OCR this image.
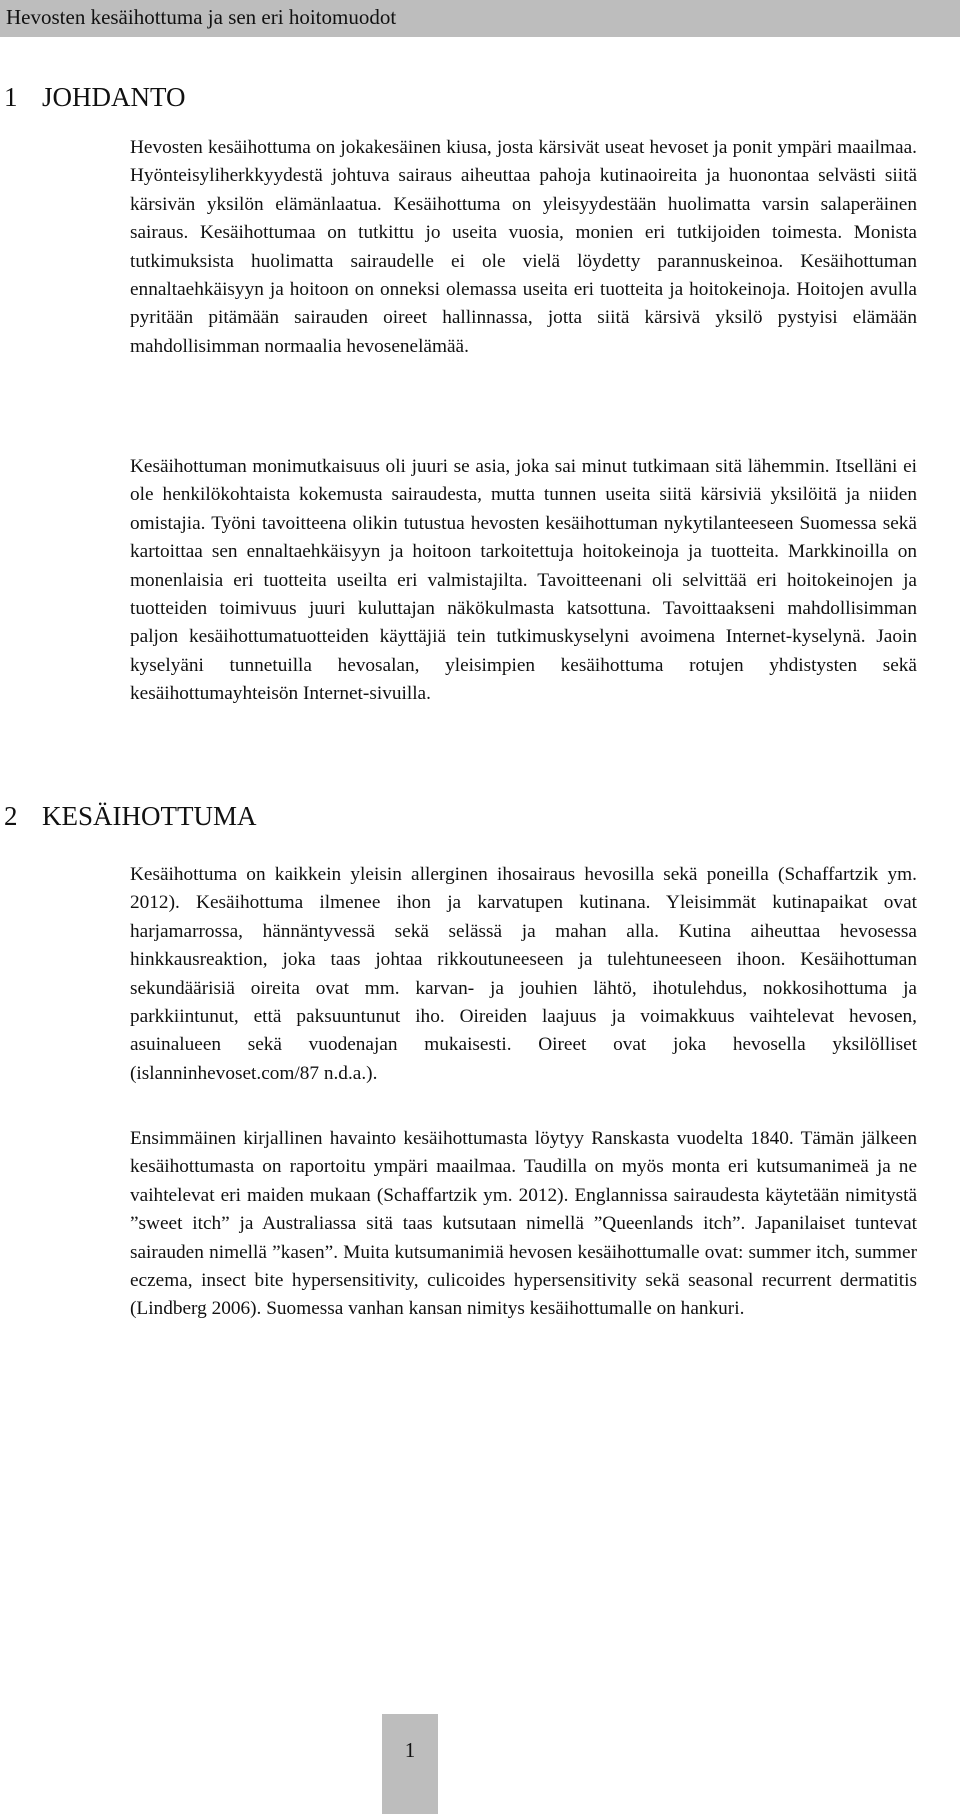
Hevosten kesäihottuma ja sen eri hoitomuodot
1 JOHDANTO

Hevosten kesäihottuma on jokakesäinen kiusa, josta kärsivät useat hevoset ja ponit ympäri maailmaa. Hyönteisyliherkkyydestä johtuva sairaus aiheuttaa pahoja kutinaoireita ja huonontaa selvästi siitä kärsivän yksilön elämänlaatua. Kesäihottuma on yleisyydestään huolimatta varsin salaperäinen sairaus. Kesäihottumaa on tutkittu jo useita vuosia, monien eri tutkijoiden toimesta. Monista tutkimuksista huolimatta sairaudelle ei ole vielä löydetty parannuskeinoa. Kesäihottuman ennaltaehkäisyyn ja hoitoon on onneksi olemassa useita eri tuotteita ja hoitokeinoja. Hoitojen avulla pyritään pitämään sairauden oireet hallinnassa, jotta siitä kärsivä yksilö pystyisi elämään mahdollisimman normaalia hevosenelämää.

Kesäihottuman monimutkaisuus oli juuri se asia, joka sai minut tutkimaan sitä lähemmin. Itselläni ei ole henkilökohtaista kokemusta sairaudesta, mutta tunnen useita siitä kärsiviä yksilöitä ja niiden omistajia. Työni tavoitteena olikin tutustua hevosten kesäihottuman nykytilanteeseen Suomessa sekä kartoittaa sen ennaltaehkäisyyn ja hoitoon tarkoitettuja hoitokeinoja ja tuotteita. Markkinoilla on monenlaisia eri tuotteita useilta eri valmistajilta. Tavoitteenani oli selvittää eri hoitokeinojen ja tuotteiden toimivuus juuri kuluttajan näkökulmasta katsottuna. Tavoittaakseni mahdollisimman paljon kesäihottumatuotteiden käyttäjiä tein tutkimuskyselyni avoimena Internet-kyselynä. Jaoin kyselyäni tunnetuilla hevosalan, yleisimpien kesäihottuma rotujen yhdistysten sekä kesäihottumayhteisön Internet-sivuilla.

2 KESÄIHOTTUMA

Kesäihottuma on kaikkein yleisin allerginen ihosairaus hevosilla sekä poneilla (Schaffartzik ym. 2012). Kesäihottuma ilmenee ihon ja karvatupen kutinana. Yleisimmät kutinapaikat ovat harjamarrossa, hännäntyvessä sekä selässä ja mahan alla. Kutina aiheuttaa hevosessa hinkkausreaktion, joka taas johtaa rikkoutuneeseen ja tulehtuneeseen ihoon. Kesäihottuman sekundäärisiä oireita ovat mm. karvan- ja jouhien lähtö, ihotulehdus, nokkosihottuma ja parkkiintunut, että paksuuntunut iho. Oireiden laajuus ja voimakkuus vaihtelevat hevosen, asuinalueen sekä vuodenajan mukaisesti. Oireet ovat joka hevosella yksilölliset (islanninhevoset.com/87 n.d.a.).

Ensimmäinen kirjallinen havainto kesäihottumasta löytyy Ranskasta vuodelta 1840. Tämän jälkeen kesäihottumasta on raportoitu ympäri maailmaa. Taudilla on myös monta eri kutsumanimeä ja ne vaihtelevat eri maiden mukaan (Schaffartzik ym. 2012). Englannissa sairaudesta käytetään nimitystä ”sweet itch” ja Australiassa sitä taas kutsutaan nimellä ”Queenlands itch”. Japanilaiset tuntevat sairauden nimellä ”kasen”. Muita kutsumanimiä hevosen kesäihottumalle ovat: summer itch, summer eczema, insect bite hypersensitivity, culicoides hypersensitivity sekä seasonal recurrent dermatitis (Lindberg 2006). Suomessa vanhan kansan nimitys kesäihottumalle on hankuri.

1
